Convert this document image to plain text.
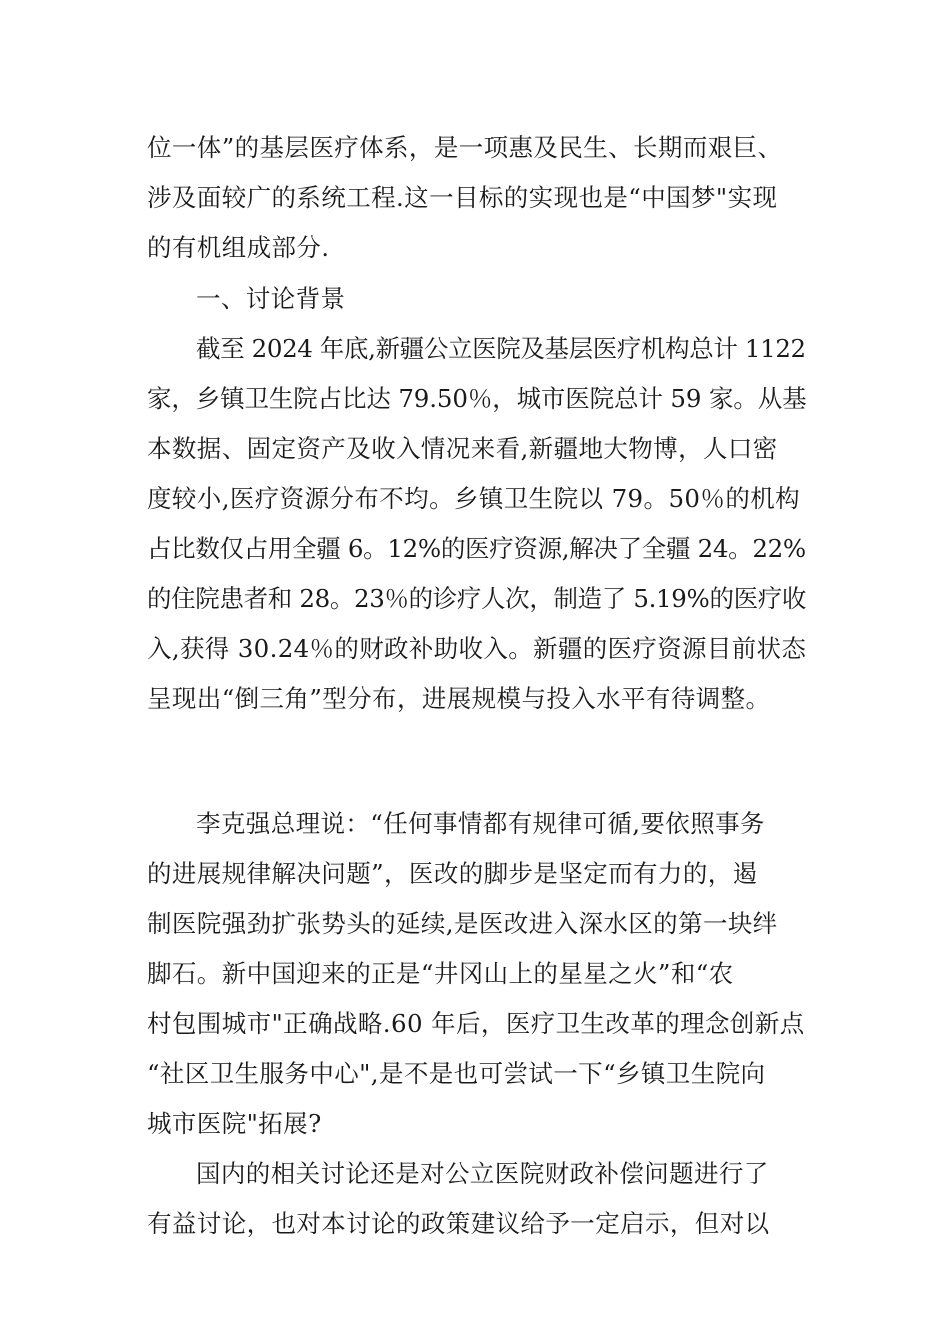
位一体”的基层医疗体系，是一项惠及民生、长期而艰巨、
涉及面较广的系统工程.这一目标的实现也是“中国梦"实现
的有机组成部分.
一、讨论背景
截至 2024 年底,新疆公立医院及基层医疗机构总计 1122
家，乡镇卫生院占比达 79.50％，城市医院总计 59 家。从基
本数据、固定资产及收入情况来看,新疆地大物博，人口密
度较小,医疗资源分布不均。乡镇卫生院以 79。50％的机构
占比数仅占用全疆 6。12%的医疗资源,解决了全疆 24。22%
的住院患者和 28。23％的诊疗人次，制造了 5.19%的医疗收
入,获得 30.24％的财政补助收入。新疆的医疗资源目前状态
呈现出“倒三角”型分布，进展规模与投入水平有待调整。
李克强总理说：“任何事情都有规律可循,要依照事务
的进展规律解决问题”，医改的脚步是坚定而有力的，遏
制医院强劲扩张势头的延续,是医改进入深水区的第一块绊
脚石。新中国迎来的正是“井冈山上的星星之火”和“农
村包围城市"正确战略.60 年后，医疗卫生改革的理念创新点
“社区卫生服务中心",是不是也可尝试一下“乡镇卫生院向
城市医院"拓展?
国内的相关讨论还是对公立医院财政补偿问题进行了
有益讨论，也对本讨论的政策建议给予一定启示，但对以
